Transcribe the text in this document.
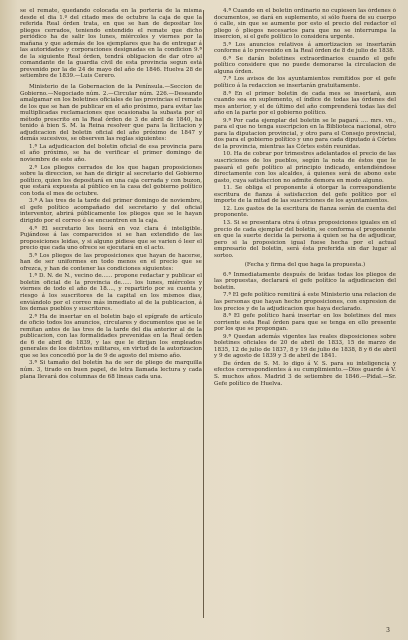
se el remate, quedando colocada en la portería de la misma desde el dia 1.º del citado mes de octubre la caja de que la referida Real órden trata, en que se han de depositar los pliegos cerrados, teniendo entendido el remate que dicho periódico ha de salir los lunes, miércoles y viernes por la mañana y que además de los ejemplares que ha de entregar á las autoridades y corporaciones designadas en la condicion 9.ª de la siguiente Real órden, tendrá obligacion de dar otro al comandante de la guardia civil de esta provincia segun está prevenido por la de 24 de mayo del año de 1846. Huelva 28 de setiembre de 1839.—Luis Cerero.

Ministerio de la Gobernacion de la Península.—Seccion de Gobierno.—Negociado núm. 2.—Circular núm. 226.—Deseando amalgamar en los boletines oficiales de las provincias el remate de los que se han de publicar en el año próximo, para evitar las multiplicadas reclamaciones que ocasionaba la subasta por el método prescrito en la Real órden de 3 de abril de 1840, ha tenido á bien S. M. la Reina resolver que para la licitacion y adjudicacion del boletin oficial del año próximo de 1847 y demás sucesivos, se observen las reglas siguientes:

1.ª La adjudicacion del boletin oficial de esa provincia para el año próximo, se ha de verificar el primer domingo de noviembre de este año.

2.ª Los pliegos cerrados de los que hagan proposiciones sobre la direccion, se han de dirigir al secretario del Gobierno político, quien los depositará en una caja cerrada y con buzon, que estará expuesta al público en la casa del gobierno político con toda el mes de octubre.

3.ª A las tres de la tarde del primer domingo de noviembre, el gefe político acompañado del secretario y del oficial interventor, abrirá públicamente los pliegos que se le hayan dirigido por el correo ó se encuentren en la caja.

4.ª El secretario les leerá en voz clara é inteligible. Pujándose á las comparecidos si se han extendido de las proposiciones leidas, y si alguno pidiese que se varien ó leer el precio que cada uno ofrece se ejecutará en el acto.

5.ª Los pliegos de las proposiciones que hayan de hacerse, han de ser uniformes en todo menos en el precio que se ofrezca, y han de contener las condiciones siguientes:

1.ª D. N. de N., vecino de...... propone redactar y publicar el boletin oficial de la provincia de...... los lunes, miércoles y viernes de todo el año de 18...., y repartirlo por su cuenta y riesgo á los suscritores de la capital en los mismos dias, enviándolo por el correo más inmediato al de la publicacion, á los demas pueblos y suscritores.

2.ª Ha de insertar en el boletin bajo el epígrafe de artículo de oficio todos los anuncios, circulares y documentos que se le remitan antes de las tres de la tarde del dia anterior al de la publicacion, con las formalidades prevenidas en la Real órden de 6 de abril de 1839, y las que le dirijan los empleados generales de los distritos militares, en virtud de la autorizacion que se les concedió por la de 9 de agosto del mismo año.

3.ª Si tamaño del boletín ha de ser de pliego de marquilla núm. 3, tirado en buen papel, de letra llamada lectura y cada plana llevará dos columnas de 68 lineas cada una.

4.ª Cuando en el boletin ordinario no cupiesen las órdenes ó documentos, se dará en suplemento, si sólo fuera de su cuerpo ó calle, sin que se aumente por esto el precio del redactor el pliego ó pliegos necesarios para que no se interrumpa la insercion, si el gefe político lo considera urgente.

5.ª Los anuncios relativos á amortizacion se insertarán conforme á lo prevenido en la Real órden de 8 de julio de 1838.

6.ª Se darán boletines extraordinarios cuando el gefe político considere que no puede demorarse la circulacion de alguna órden.

7.ª Los avisos de los ayuntamientos remitidos por el gefe político á la redaccion se insertarán gratuitamente.

8.ª En el primer boletin de cada mes se insertará, aun cuando sea en suplemento, el índice de todas las órdenes del mes anterior, y el de último del año comprenderá todas las del año en la parte por el gobierno político.

9.ª Por cada ejemplar del boletin se le pagará .... mrs. vn., para el que no tenga suscripcion en la Biblioteca nacional, otro para la diputacion provincial, y otro para el Consejo provincial, dos para el gobierno político y uno para cada diputado á Córtes de la provincia, mientras las Córtes estén reunidas.

10. Ha de cobrar por trimestres adelantados el precio de las suscriciones de los pueblos, según la nota de éstos que le pasará el gefe político al principio indicado, entendiéndose directamente con los alcaldes, á quienes será de abono este gasto, cuya satisfaccion no admite demora en modo alguno.

11. Se obliga el proponente á otorgar la correspondiente escritura de fianza á satisfaccion del gefe político por el importe de la mitad de las suscriciones de los ayuntamientos.

12. Los gastos de la escritura de fianza serán de cuenta del proponente.

13. Si se presentara otra ú otras proposiciones iguales en el precio de cada ejemplar del boletin, se conforma el proponente en que la suerte decida la persona á quien se ha de adjudicar, pero si la proposicion igual fuese hecha por el actual empresario del boletin, será ésta preferida sin dar lugar al sorteo.

(Fecha y firma del que haga la propuesta.)

6.ª Inmediatamente después de leidas todas los pliegos de las propuestas, declarará el gefe político la adjudicacion del boletin.

7.ª El gefe político remitirá á este Ministerio una relacion de las personas que hayan hecho proposiciones, con expresion de los precios y de la adjudicacion que haya declarado.

8.ª El gefe político hará insertar en los boletines del mes corriente esta Real órden para que se tenga en ello presente por los que se propongan.

9.ª Quedan además vigentes las reales disposiciones sobre boletines oficiales de 20 de abril de 1833, 15 de marzo de 1835, 12 de julio de 1837, 8 y 19 de julio de 1838, 8 y 6 de abril y 9 de agosto de 1839 y 3 de abril de 1841.

De órden de S. M. lo digo á V. S. para su inteligencia y efectos correspondientes á su cumplimiento.—Dios guarde á V. S. muchos años. Madrid 3 de setiembre de 1846.—Pidal.—Sr. Gefe político de Huelva.

3
